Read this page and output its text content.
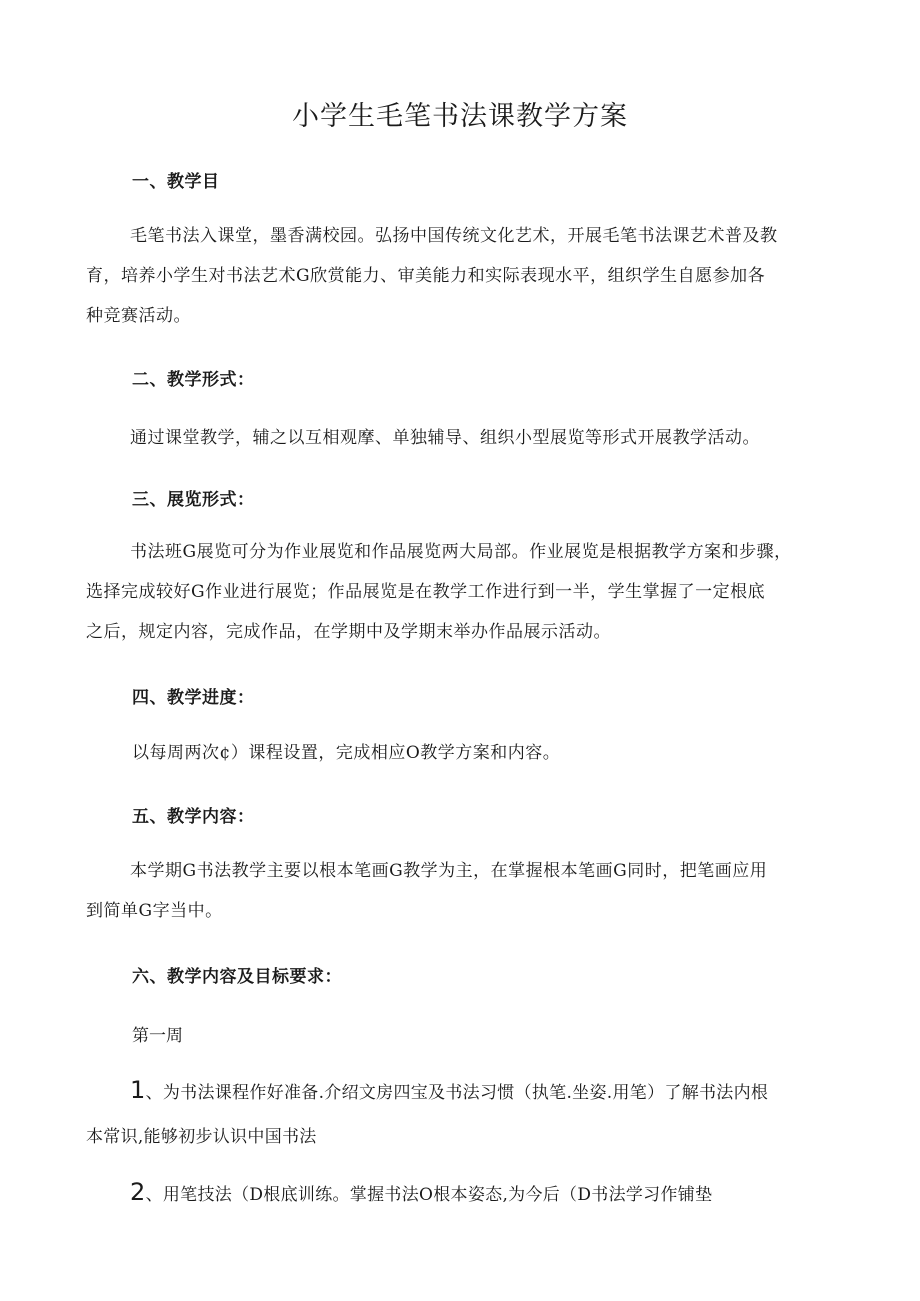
小学生毛笔书法课教学方案
一、教学目

毛笔书法入课堂，墨香满校园。弘扬中国传统文化艺术，开展毛笔书法课艺术普及教
育，培养小学生对书法艺术G欣赏能力、审美能力和实际表现水平，组织学生自愿参加各
种竞赛活动。

二、教学形式：

通过课堂教学，辅之以互相观摩、单独辅导、组织小型展览等形式开展教学活动。

三、展览形式：

书法班G展览可分为作业展览和作品展览两大局部。作业展览是根据教学方案和步骤，
选择完成较好G作业进行展览；作品展览是在教学工作进行到一半，学生掌握了一定根底
之后，规定内容，完成作品，在学期中及学期末举办作品展示活动。

四、教学进度：

以每周两次¢）课程设置，完成相应O教学方案和内容。

五、教学内容：

本学期G书法教学主要以根本笔画G教学为主，在掌握根本笔画G同时，把笔画应用
到简单G字当中。

六、教学内容及目标要求：

第一周

1、为书法课程作好准备.介绍文房四宝及书法习惯（执笔.坐姿.用笔）了解书法内根
本常识,能够初步认识中国书法

2、用笔技法（D根底训练。掌握书法O根本姿态,为今后（D书法学习作铺垫
